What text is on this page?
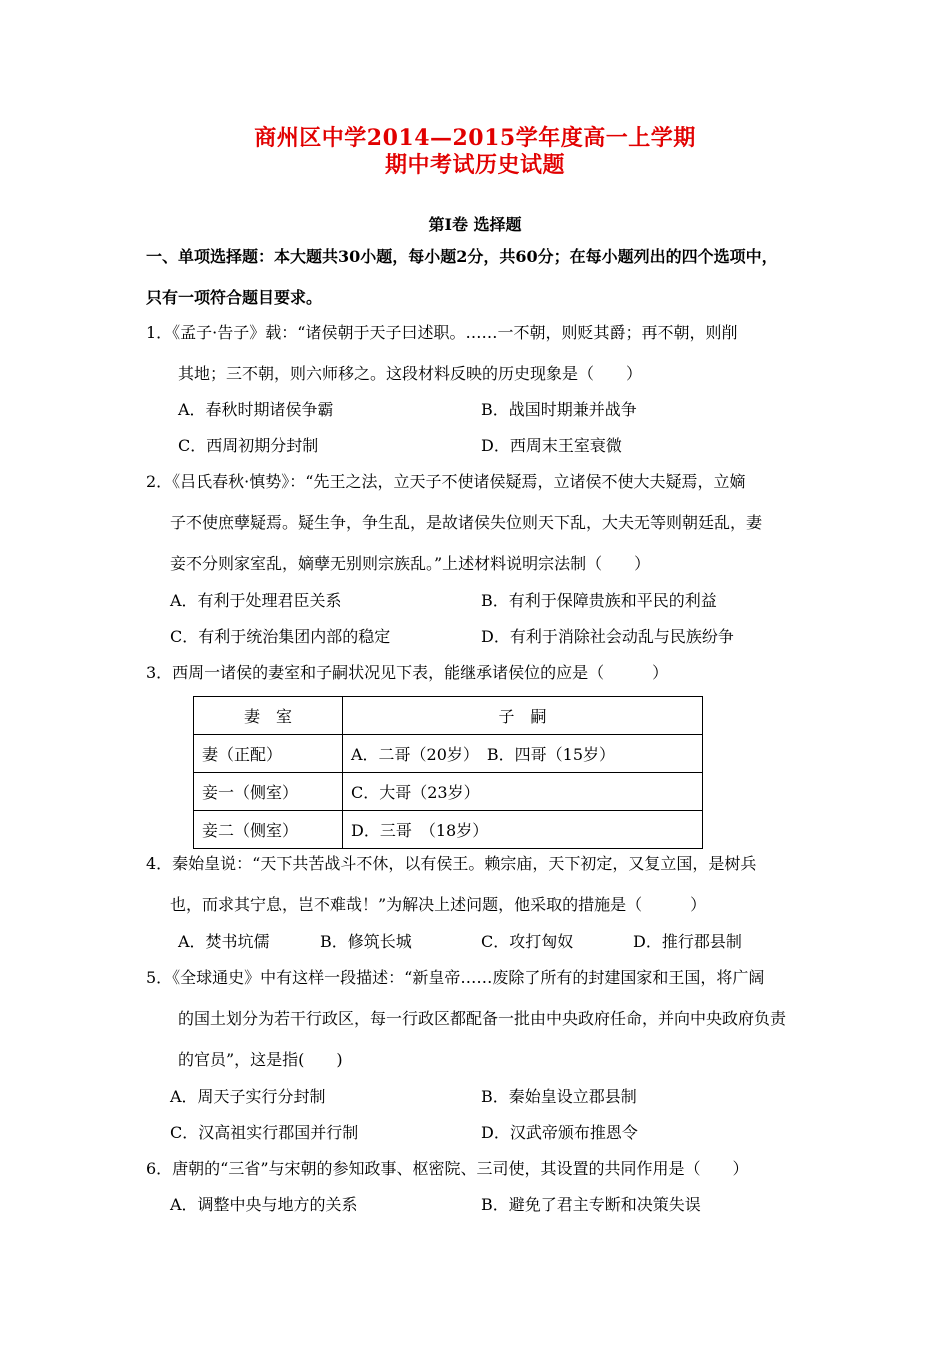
商州区中学2014—2015学年度高一上学期
期中考试历史试题
第Ⅰ卷 选择题
一、单项选择题：本大题共30小题，每小题2分，共60分；在每小题列出的四个选项中，
只有一项符合题目要求。
1．《孟子·告子》载：“诸侯朝于天子曰述职。……一不朝，则贬其爵；再不朝，则削
其地；三不朝，则六师移之。这段材料反映的历史现象是（　　）
A．春秋时期诸侯争霸	B．战国时期兼并战争
C．西周初期分封制	D．西周末王室衰微
2．《吕氏春秋·慎势》：“先王之法，立天子不使诸侯疑焉，立诸侯不使大夫疑焉，立嫡
子不使庶孽疑焉。疑生争，争生乱，是故诸侯失位则天下乱，大夫无等则朝廷乱，妻
妾不分则家室乱，嫡孽无别则宗族乱。”上述材料说明宗法制（　　）
A．有利于处理君臣关系	B．有利于保障贵族和平民的利益
C．有利于统治集团内部的稳定	D．有利于消除社会动乱与民族纷争
3．西周一诸侯的妻室和子嗣状况见下表，能继承诸侯位的应是（　　　）
妻　室	子　嗣
妻（正配）	A．二哥（20岁）　B．四哥（15岁）
妾一（侧室）	C．大哥（23岁）
妾二（侧室）	D．三哥　（18岁）
4．秦始皇说：“天下共苦战斗不休，以有侯王。赖宗庙，天下初定，又复立国，是树兵
也，而求其宁息，岂不难哉！”为解决上述问题，他采取的措施是（　　　）
A．焚书坑儒	B．修筑长城	C．攻打匈奴	D．推行郡县制
5．《全球通史》中有这样一段描述：“新皇帝……废除了所有的封建国家和王国，将广阔
的国土划分为若干行政区，每一行政区都配备一批由中央政府任命，并向中央政府负责
的官员”，这是指(　　)
A．周天子实行分封制	B．秦始皇设立郡县制
C．汉高祖实行郡国并行制	D．汉武帝颁布推恩令
6．唐朝的“三省”与宋朝的参知政事、枢密院、三司使，其设置的共同作用是（　　）
A．调整中央与地方的关系	B．避免了君主专断和决策失误
